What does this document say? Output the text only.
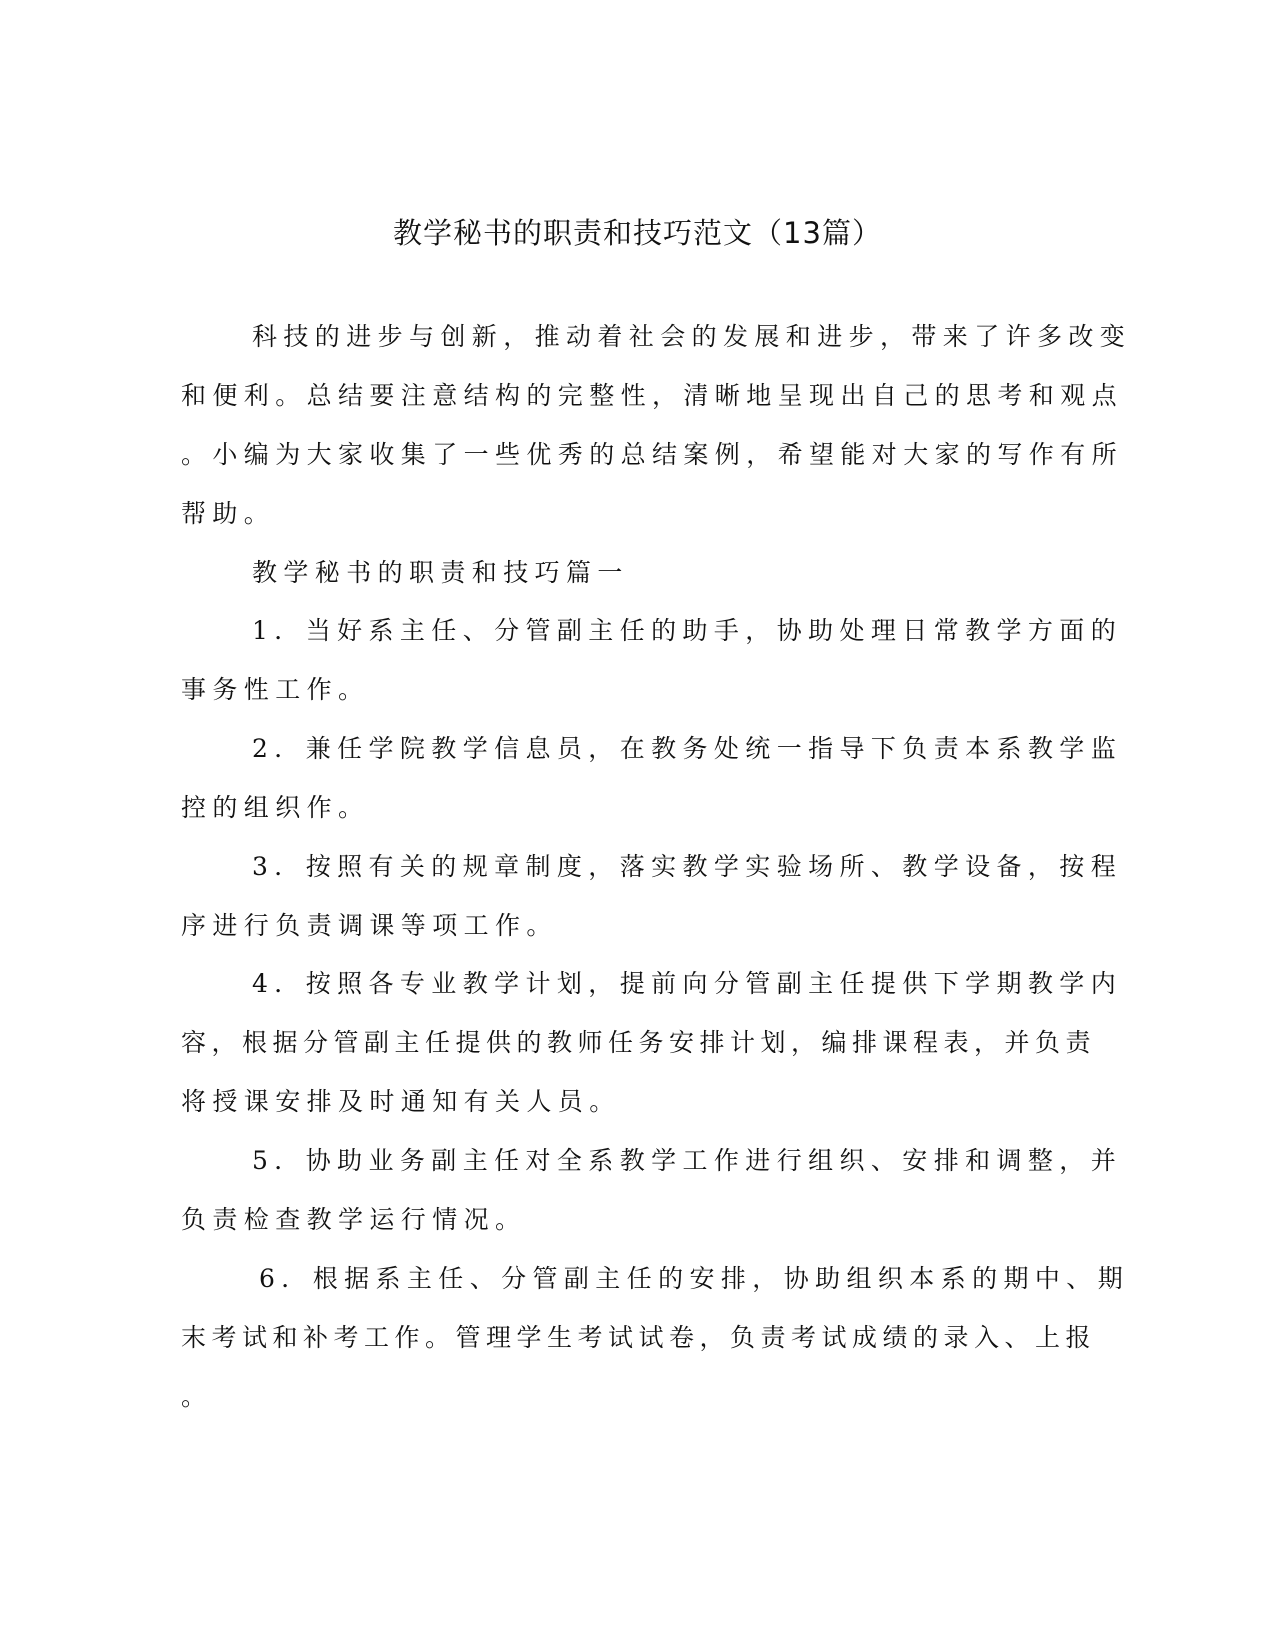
教学秘书的职责和技巧范文（13篇）
科技的进步与创新，推动着社会的发展和进步，带来了许多改变
和便利。总结要注意结构的完整性，清晰地呈现出自己的思考和观点
。小编为大家收集了一些优秀的总结案例，希望能对大家的写作有所
帮助。
教学秘书的职责和技巧篇一
1．当好系主任、分管副主任的助手，协助处理日常教学方面的
事务性工作。
2．兼任学院教学信息员，在教务处统一指导下负责本系教学监
控的组织作。
3．按照有关的规章制度，落实教学实验场所、教学设备，按程
序进行负责调课等项工作。
4．按照各专业教学计划，提前向分管副主任提供下学期教学内
容，根据分管副主任提供的教师任务安排计划，编排课程表，并负责
将授课安排及时通知有关人员。
5．协助业务副主任对全系教学工作进行组织、安排和调整，并
负责检查教学运行情况。
6．根据系主任、分管副主任的安排，协助组织本系的期中、期
末考试和补考工作。管理学生考试试卷，负责考试成绩的录入、上报
。
